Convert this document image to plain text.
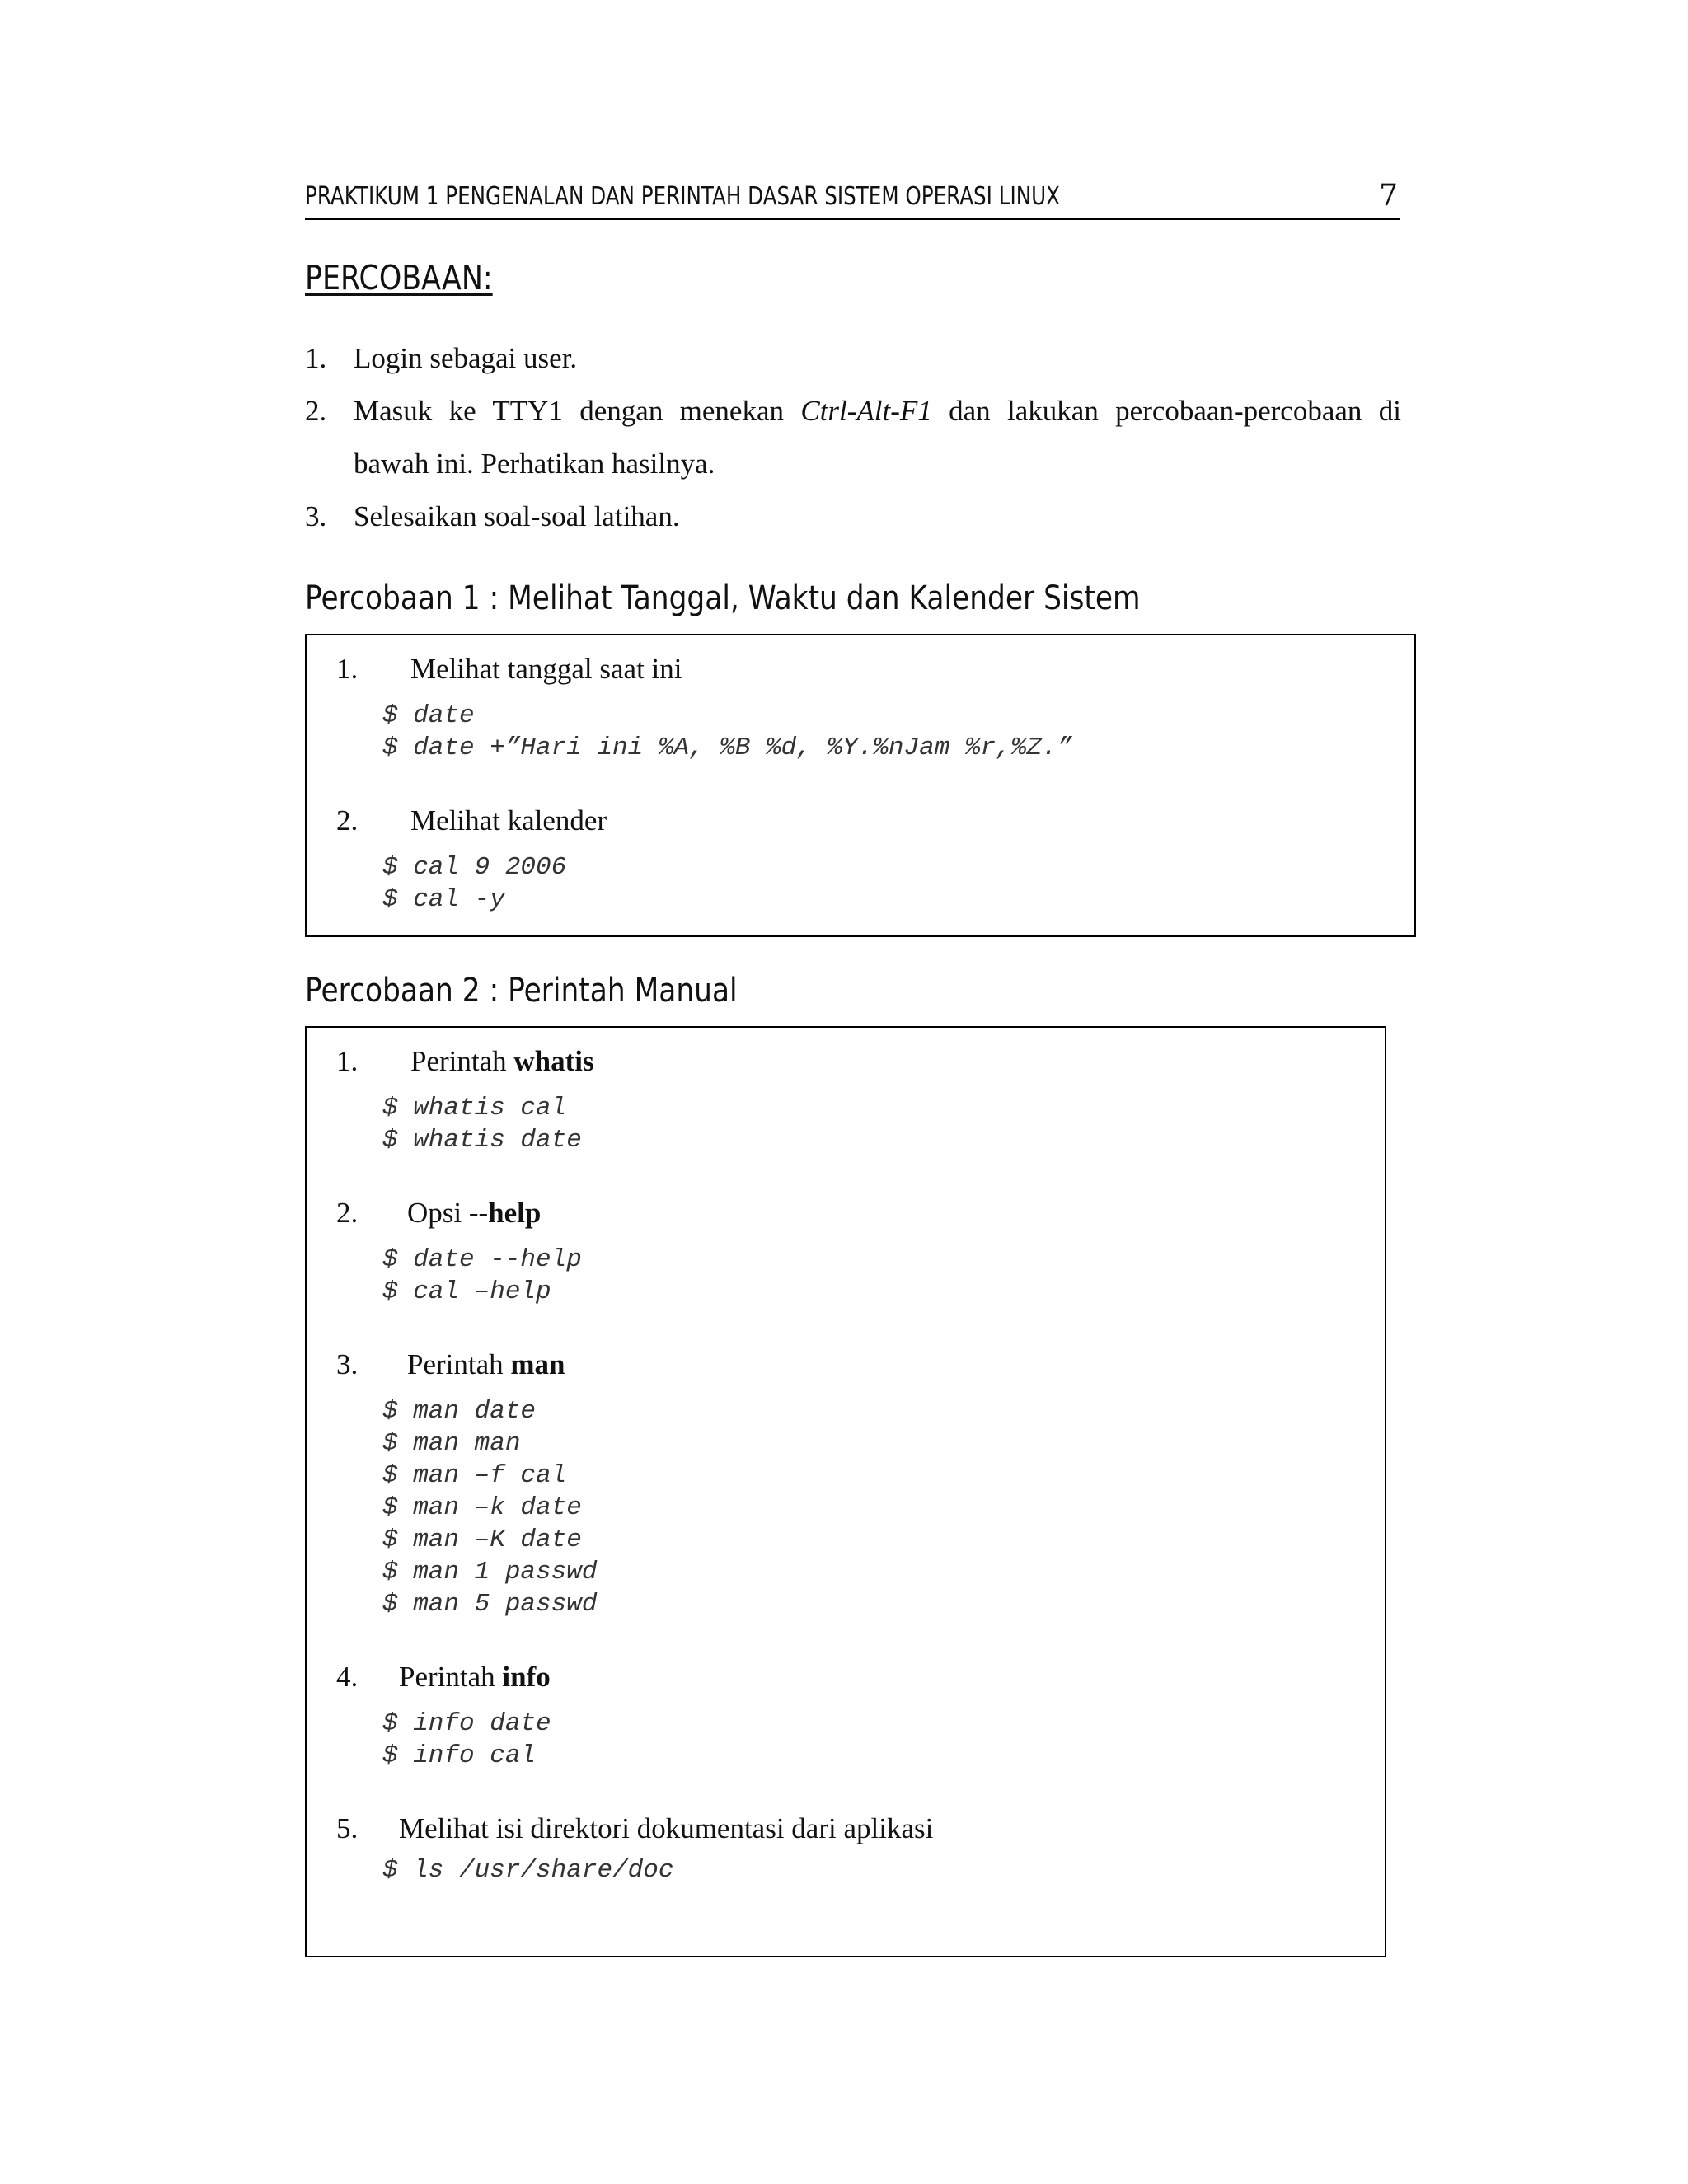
PRAKTIKUM 1 PENGENALAN DAN PERINTAH DASAR SISTEM OPERASI LINUX	7
PERCOBAAN:
1. Login sebagai user.
2. Masuk ke TTY1 dengan menekan Ctrl-Alt-F1 dan lakukan percobaan-percobaan di
bawah ini. Perhatikan hasilnya.
3. Selesaikan soal-soal latihan.
Percobaan 1 : Melihat Tanggal, Waktu dan Kalender Sistem
1. Melihat tanggal saat ini
$ date
$ date +”Hari ini %A, %B %d, %Y.%nJam %r,%Z.”
2. Melihat kalender
$ cal 9 2006
$ cal -y
Percobaan 2 : Perintah Manual
1. Perintah whatis
$ whatis cal
$ whatis date
2. Opsi --help
$ date --help
$ cal –help
3. Perintah man
$ man date
$ man man
$ man –f cal
$ man –k date
$ man –K date
$ man 1 passwd
$ man 5 passwd
4. Perintah info
$ info date
$ info cal
5. Melihat isi direktori dokumentasi dari aplikasi
$ ls /usr/share/doc
